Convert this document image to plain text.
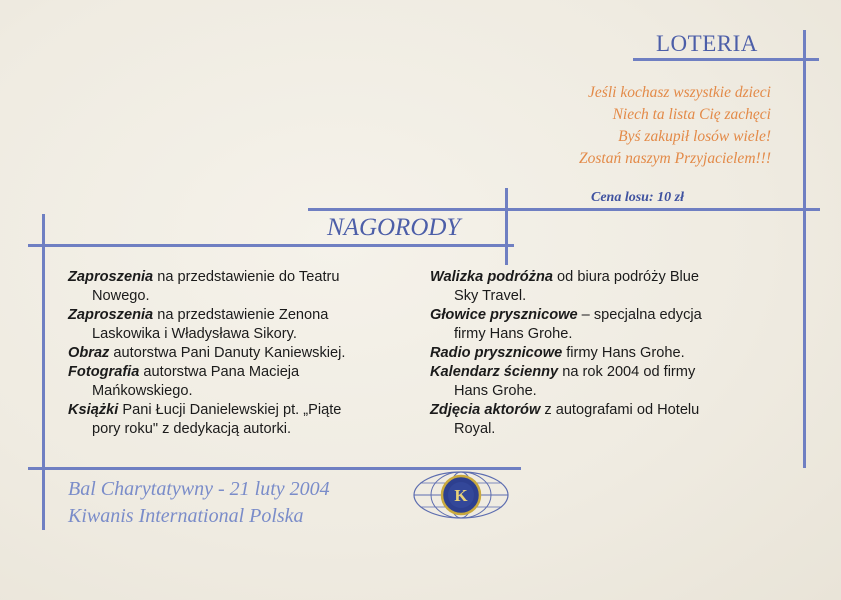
LOTERIA
Jeśli kochasz wszystkie dzieci
Niech ta lista Cię zachęci
Byś zakupił losów wiele!
Zostań naszym Przyjacielem!!!
Cena losu: 10 zł
NAGORODY
Zaproszenia na przedstawienie do Teatru
Nowego.
Zaproszenia na przedstawienie Zenona
Laskowika i Władysława Sikory.
Obraz autorstwa Pani Danuty Kaniewskiej.
Fotografia autorstwa Pana Macieja
Mańkowskiego.
Książki Pani Łucji Danielewskiej pt. „Piąte
pory roku" z dedykacją autorki.
Walizka podróżna od biura podróży Blue
Sky Travel.
Głowice prysznicowe – specjalna edycja
firmy Hans Grohe.
Radio prysznicowe firmy Hans Grohe.
Kalendarz ścienny na rok 2004 od firmy
Hans Grohe.
Zdjęcia aktorów z autografami od Hotelu
Royal.
Bal Charytatywny - 21 luty 2004
Kiwanis International Polska
K
